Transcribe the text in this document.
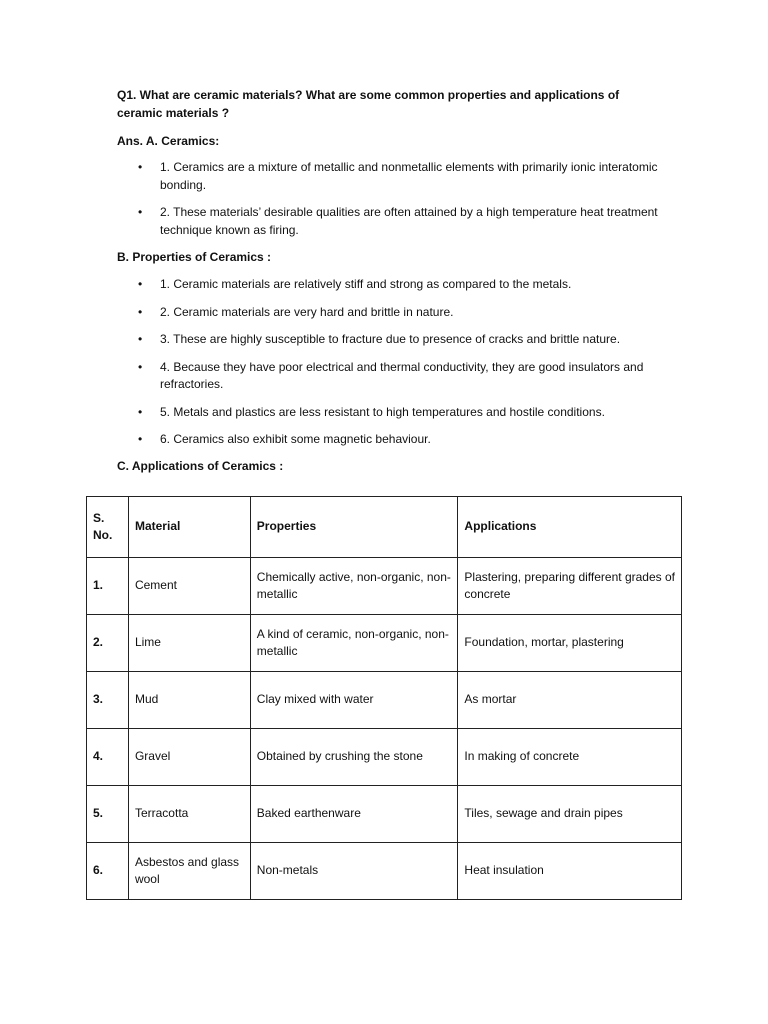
Q1. What are ceramic materials? What are some common properties and applications of ceramic materials ?
Ans. A. Ceramics:
• 1. Ceramics are a mixture of metallic and nonmetallic elements with primarily ionic interatomic bonding.
• 2. These materials’ desirable qualities are often attained by a high temperature heat treatment technique known as firing.
B. Properties of Ceramics :
• 1. Ceramic materials are relatively stiff and strong as compared to the metals.
• 2. Ceramic materials are very hard and brittle in nature.
• 3. These are highly susceptible to fracture due to presence of cracks and brittle nature.
• 4. Because they have poor electrical and thermal conductivity, they are good insulators and refractories.
• 5. Metals and plastics are less resistant to high temperatures and hostile conditions.
• 6. Ceramics also exhibit some magnetic behaviour.
C. Applications of Ceramics :
S. No.	Material	Properties	Applications
1.	Cement	Chemically active, non-organic, non-metallic	Plastering, preparing different grades of concrete
2.	Lime	A kind of ceramic, non-organic, non-metallic	Foundation, mortar, plastering
3.	Mud	Clay mixed with water	As mortar
4.	Gravel	Obtained by crushing the stone	In making of concrete
5.	Terracotta	Baked earthenware	Tiles, sewage and drain pipes
6.	Asbestos and glass wool	Non-metals	Heat insulation
